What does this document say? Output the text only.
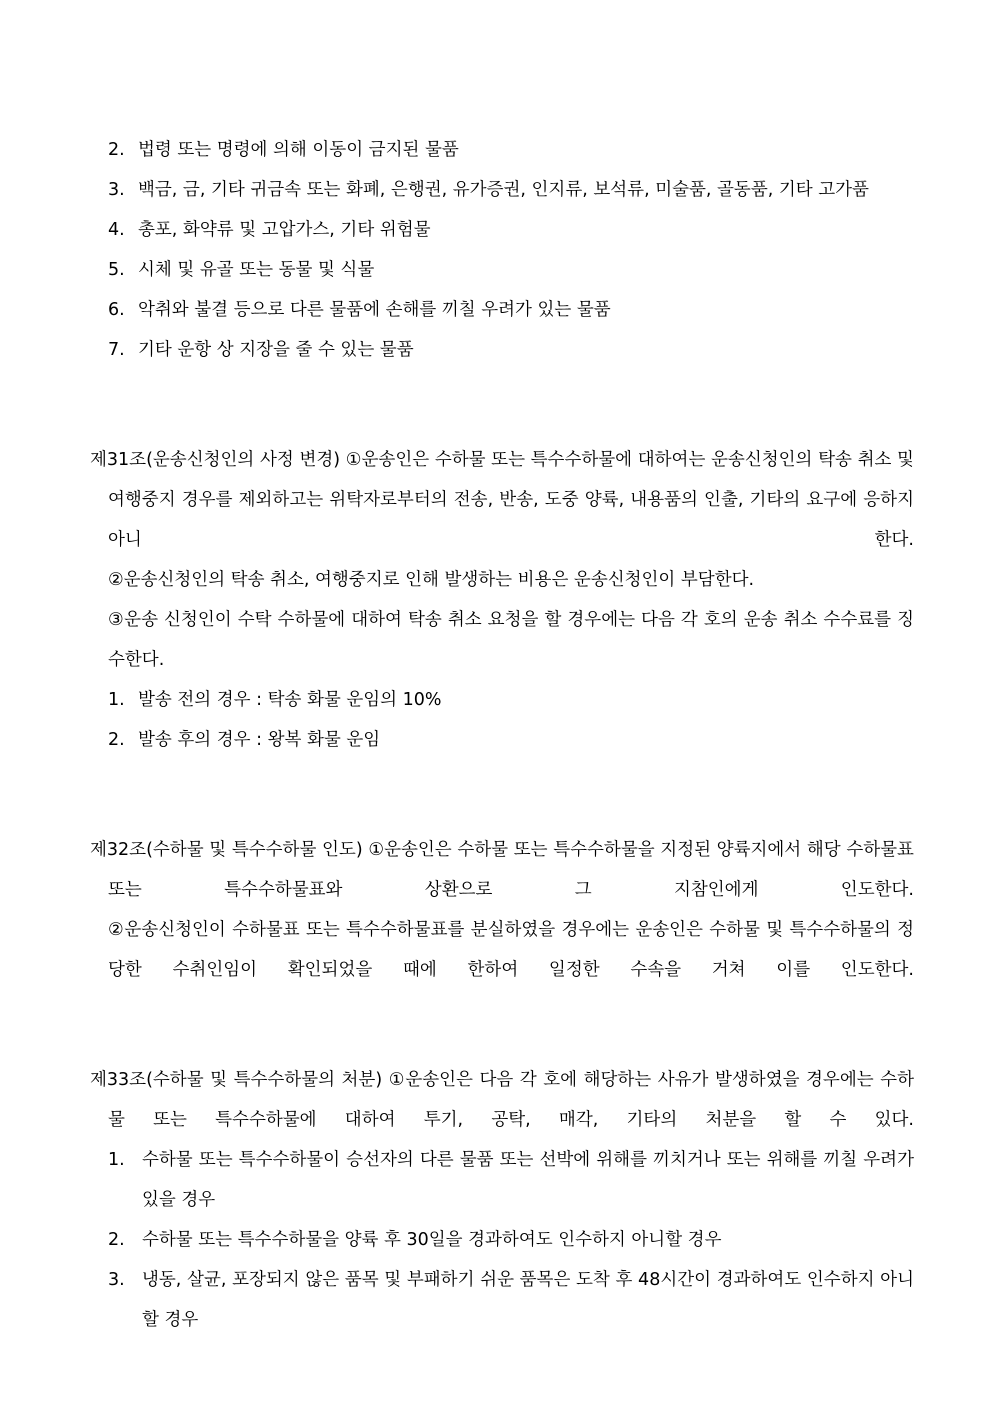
2. 법령 또는 명령에 의해 이동이 금지된 물품
3. 백금, 금, 기타 귀금속 또는 화폐, 은행권, 유가증권, 인지류, 보석류, 미술품, 골동품, 기타 고가품
4. 총포, 화약류 및 고압가스, 기타 위험물
5. 시체 및 유골 또는 동물 및 식물
6. 악취와 불결 등으로 다른 물품에 손해를 끼칠 우려가 있는 물품
7. 기타 운항 상 지장을 줄 수 있는 물품
제31조(운송신청인의 사정 변경) ①운송인은 수하물 또는 특수수하물에 대하여는 운송신청인의 탁송 취소 및 여행중지 경우를 제외하고는 위탁자로부터의 전송, 반송, 도중 양륙, 내용품의 인출, 기타의 요구에 응하지 아니 한다.
②운송신청인의 탁송 취소, 여행중지로 인해 발생하는 비용은 운송신청인이 부담한다.
③운송 신청인이 수탁 수하물에 대하여 탁송 취소 요청을 할 경우에는 다음 각 호의 운송 취소 수수료를 징수한다.
1. 발송 전의 경우 : 탁송 화물 운임의 10%
2. 발송 후의 경우 : 왕복 화물 운임
제32조(수하물 및 특수수하물 인도) ①운송인은 수하물 또는 특수수하물을 지정된 양륙지에서 해당 수하물표 또는 특수수하물표와 상환으로 그 지참인에게 인도한다.
②운송신청인이 수하물표 또는 특수수하물표를 분실하였을 경우에는 운송인은 수하물 및 특수수하물의 정당한 수취인임이 확인되었을 때에 한하여 일정한 수속을 거쳐 이를 인도한다.
제33조(수하물 및 특수수하물의 처분) ①운송인은 다음 각 호에 해당하는 사유가 발생하였을 경우에는 수하물 또는 특수수하물에 대하여 투기, 공탁, 매각, 기타의 처분을 할 수 있다.
1. 수하물 또는 특수수하물이 승선자의 다른 물품 또는 선박에 위해를 끼치거나 또는 위해를 끼칠 우려가 있을 경우
2. 수하물 또는 특수수하물을 양륙 후 30일을 경과하여도 인수하지 아니할 경우
3. 냉동, 살균, 포장되지 않은 품목 및 부패하기 쉬운 품목은 도착 후 48시간이 경과하여도 인수하지 아니할 경우
